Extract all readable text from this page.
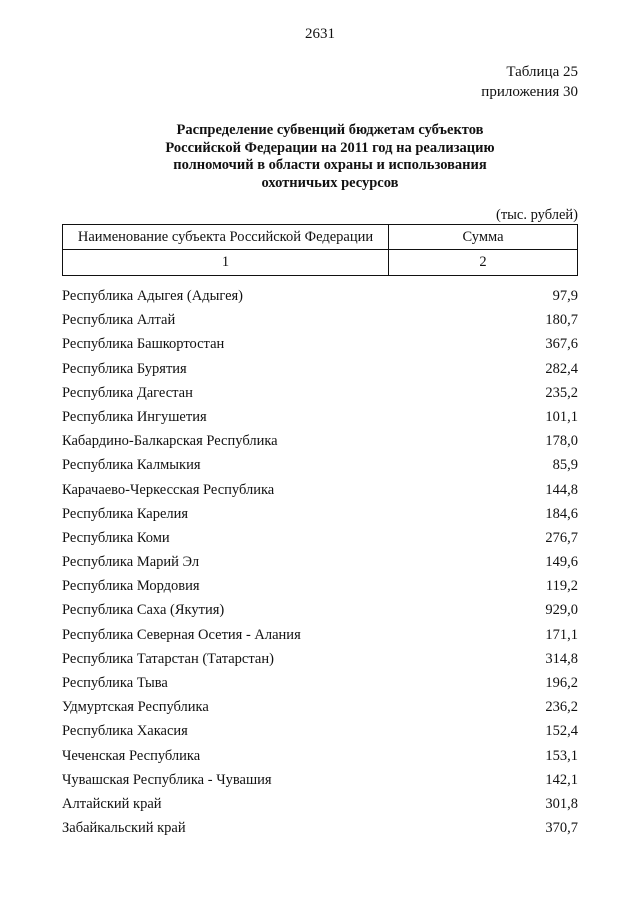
2631
Таблица 25
приложения 30
Распределение субвенций бюджетам субъектов
Российской Федерации на 2011 год на реализацию
полномочий в области охраны и использования
охотничьих ресурсов
(тыс. рублей)
Наименование субъекта Российской Федерации	Сумма
1	2
Республика Адыгея (Адыгея)	97,9
Республика Алтай	180,7
Республика Башкортостан	367,6
Республика Бурятия	282,4
Республика Дагестан	235,2
Республика Ингушетия	101,1
Кабардино-Балкарская Республика	178,0
Республика Калмыкия	85,9
Карачаево-Черкесская Республика	144,8
Республика Карелия	184,6
Республика Коми	276,7
Республика Марий Эл	149,6
Республика Мордовия	119,2
Республика Саха (Якутия)	929,0
Республика Северная Осетия - Алания	171,1
Республика Татарстан (Татарстан)	314,8
Республика Тыва	196,2
Удмуртская Республика	236,2
Республика Хакасия	152,4
Чеченская Республика	153,1
Чувашская Республика - Чувашия	142,1
Алтайский край	301,8
Забайкальский край	370,7
